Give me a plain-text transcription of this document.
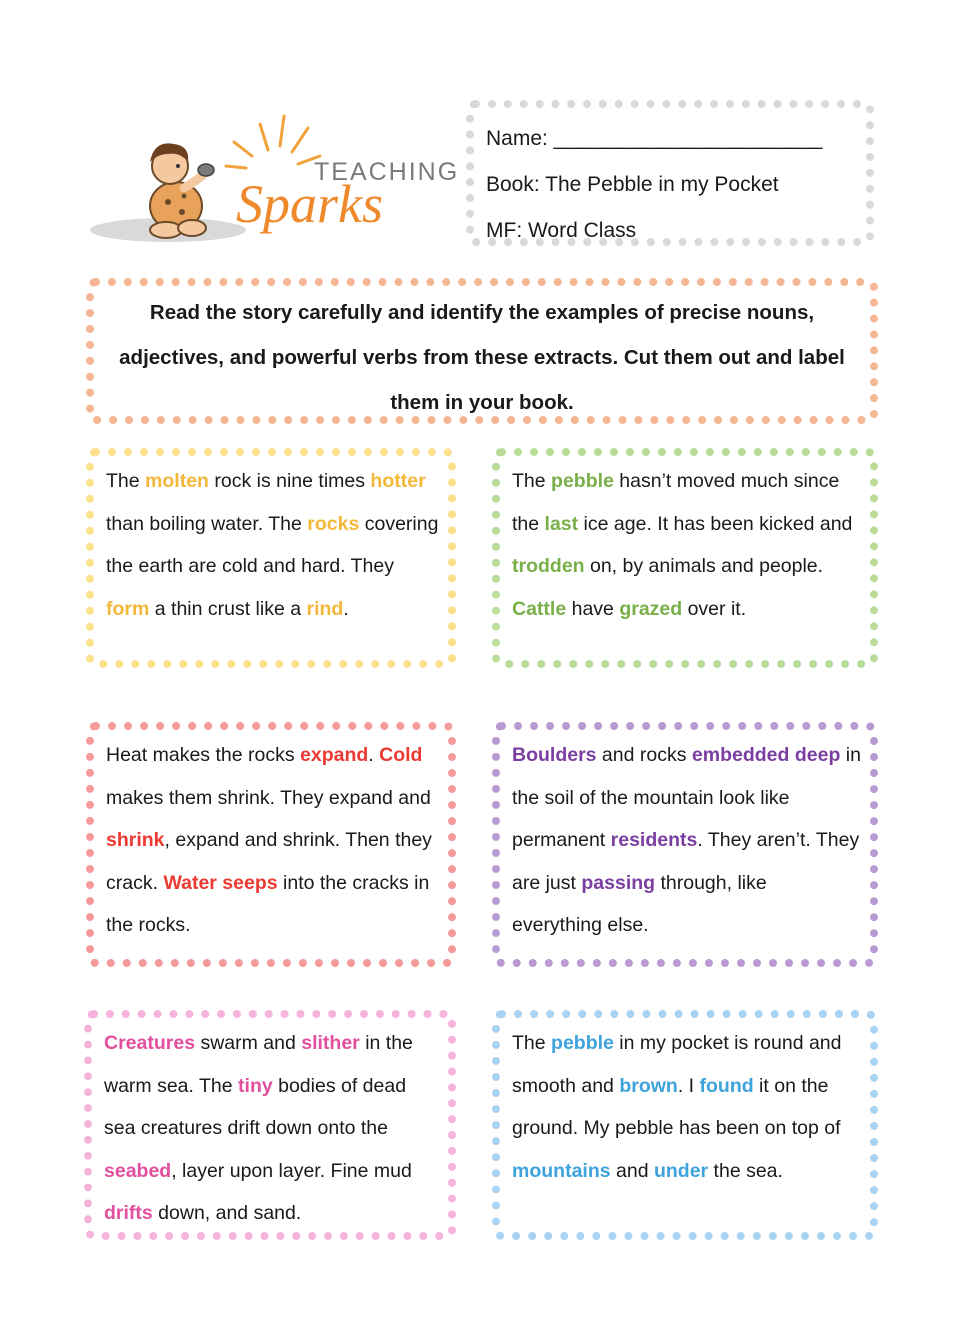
TEACHING
Sparks
Name: _______________________
Book: The Pebble in my Pocket
MF: Word Class
Read the story carefully and identify the examples of precise nouns, adjectives, and powerful verbs from these extracts. Cut them out and label them in your book.
The molten rock is nine times hotter than boiling water. The rocks covering the earth are cold and hard. They form a thin crust like a rind.
The pebble hasn’t moved much since the last ice age. It has been kicked and trodden on, by animals and people. Cattle have grazed over it.
Heat makes the rocks expand. Cold makes them shrink. They expand and shrink, expand and shrink. Then they crack. Water seeps into the cracks in the rocks.
Boulders and rocks embedded deep in the soil of the mountain look like permanent residents. They aren’t. They are just passing through, like everything else.
Creatures swarm and slither in the warm sea. The tiny bodies of dead sea creatures drift down onto the seabed, layer upon layer. Fine mud drifts down, and sand.
The pebble in my pocket is round and smooth and brown. I found it on the ground. My pebble has been on top of mountains and under the sea.
